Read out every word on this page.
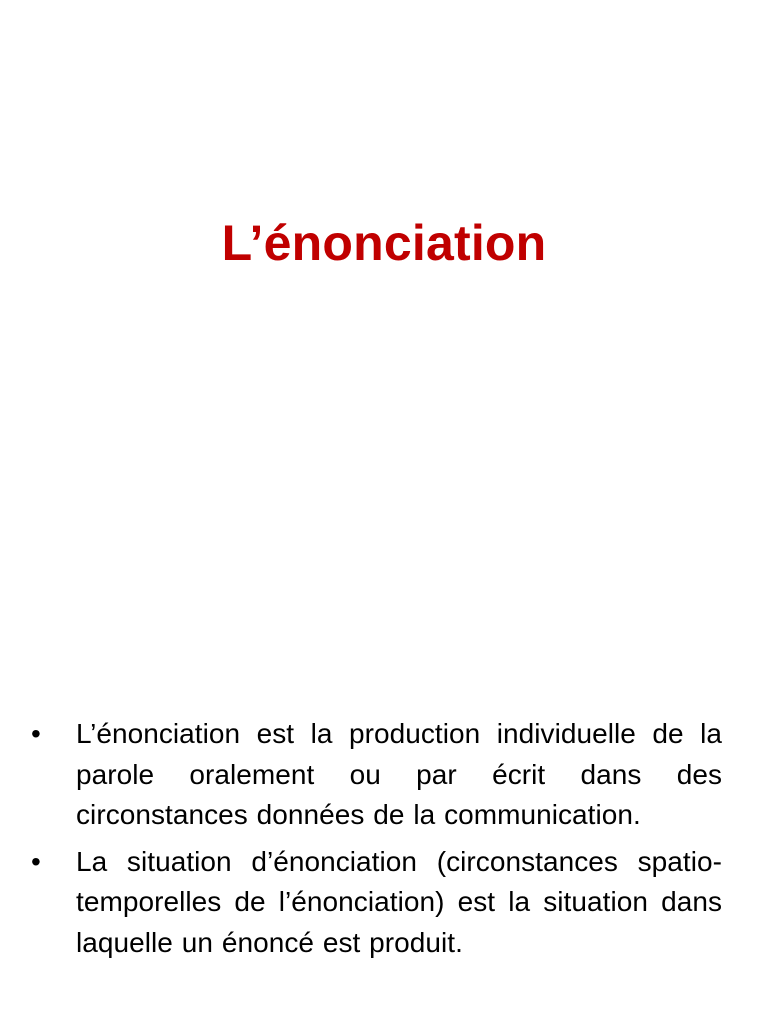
L’énonciation
•	L’énonciation est la production individuelle de la parole oralement ou par écrit dans des circonstances données de la communication.
•	La situation d’énonciation (circonstances spatio-temporelles de l’énonciation) est la situation dans laquelle un énoncé est produit.
